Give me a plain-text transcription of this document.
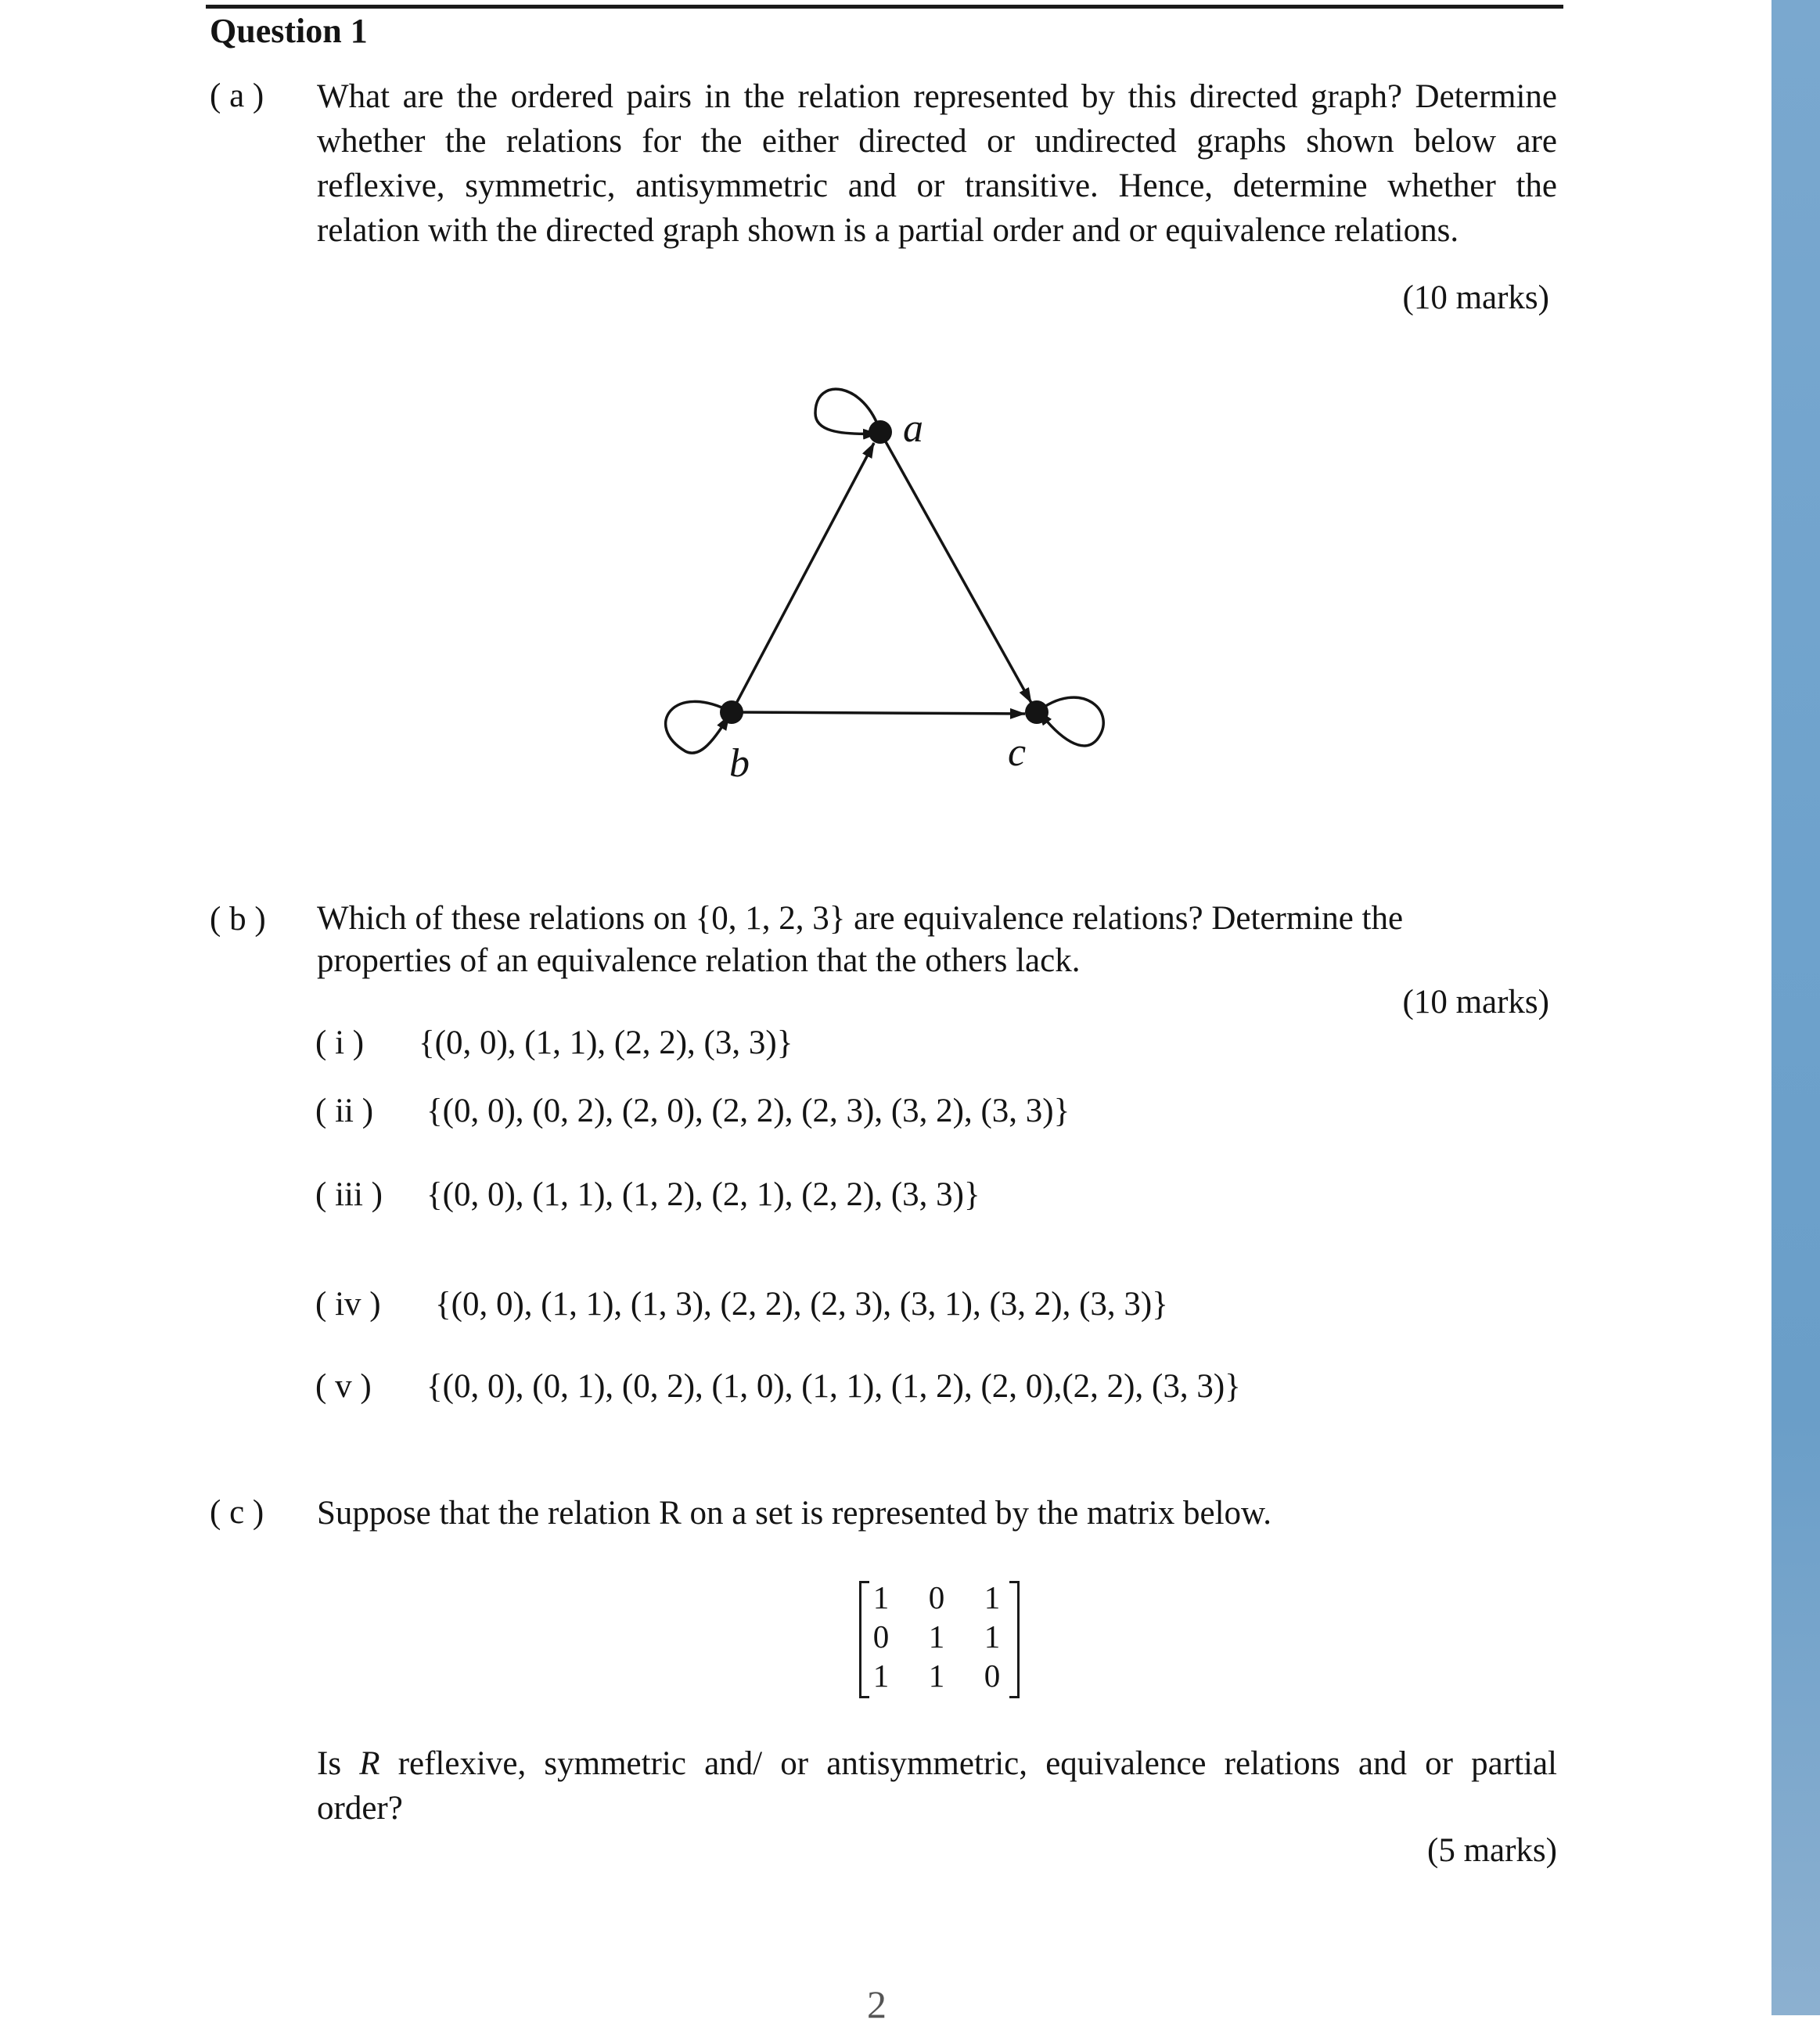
Question 1
( a ) What are the ordered pairs in the relation represented by this directed graph? Determine
whether the relations for the either directed or undirected graphs shown below are
reflexive, symmetric, antisymmetric and or transitive. Hence, determine whether the
relation with the directed graph shown is a partial order and or equivalence relations.
(10 marks)
a
b	c
( b ) Which of these relations on {0, 1, 2, 3} are equivalence relations? Determine the
properties of an equivalence relation that the others lack.
(10 marks)
( i ) {(0, 0), (1, 1), (2, 2), (3, 3)}
( ii ) {(0, 0), (0, 2), (2, 0), (2, 2), (2, 3), (3, 2), (3, 3)}
( iii ) {(0, 0), (1, 1), (1, 2), (2, 1), (2, 2), (3, 3)}
( iv ) {(0, 0), (1, 1), (1, 3), (2, 2), (2, 3), (3, 1), (3, 2), (3, 3)}
( v ) {(0, 0), (0, 1), (0, 2), (1, 0), (1, 1), (1, 2), (2, 0),(2, 2), (3, 3)}
( c ) Suppose that the relation R on a set is represented by the matrix below.
1 0 1
0 1 1
1 1 0
Is R reflexive, symmetric and/ or antisymmetric, equivalence relations and or partial
order?
(5 marks)
2
